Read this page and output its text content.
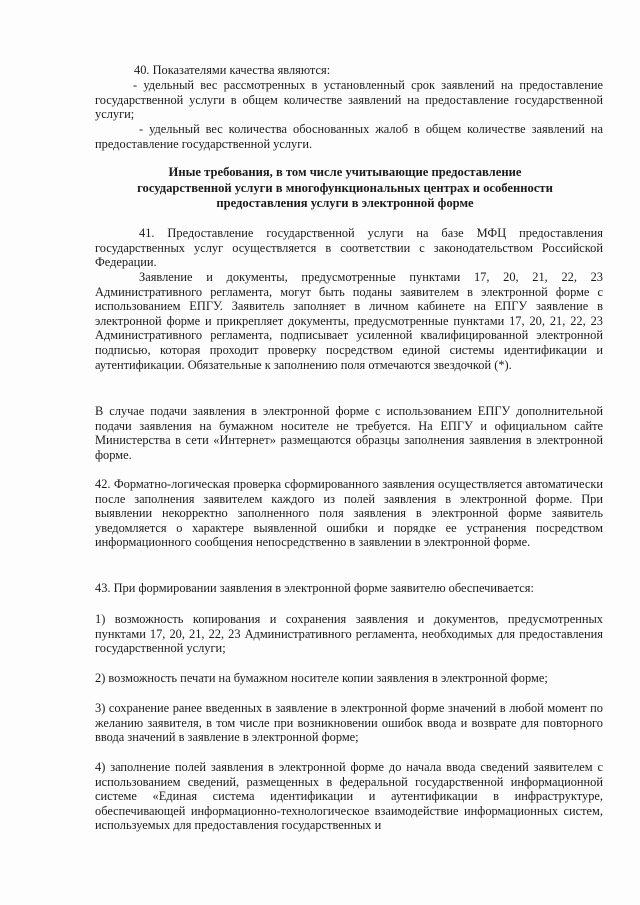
40. Показателями качества являются:

- удельный вес рассмотренных в установленный срок заявлений на предоставление государственной услуги в общем количестве заявлений на предоставление государственной услуги;

- удельный вес количества обоснованных жалоб в общем количестве заявлений на предоставление государственной услуги.

Иные требования, в том числе учитывающие предоставление государственной услуги в многофункциональных центрах и особенности предоставления услуги в электронной форме

41. Предоставление государственной услуги на базе МФЦ предоставления государственных услуг осуществляется в соответствии с законодательством Российской Федерации.

Заявление и документы, предусмотренные пунктами 17, 20, 21, 22, 23 Административного регламента, могут быть поданы заявителем в электронной форме с использованием ЕПГУ. Заявитель заполняет в личном кабинете на ЕПГУ заявление в электронной форме и прикрепляет документы, предусмотренные пунктами 17, 20, 21, 22, 23 Административного регламента, подписывает усиленной квалифицированной электронной подписью, которая проходит проверку посредством единой системы идентификации и аутентификации. Обязательные к заполнению поля отмечаются звездочкой (*).

В случае подачи заявления в электронной форме с использованием ЕПГУ дополнительной подачи заявления на бумажном носителе не требуется. На ЕПГУ и официальном сайте Министерства в сети «Интернет» размещаются образцы заполнения заявления в электронной форме.

42. Форматно-логическая проверка сформированного заявления осуществляется автоматически после заполнения заявителем каждого из полей заявления в электронной форме. При выявлении некорректно заполненного поля заявления в электронной форме заявитель уведомляется о характере выявленной ошибки и порядке ее устранения посредством информационного сообщения непосредственно в заявлении в электронной форме.

43. При формировании заявления в электронной форме заявителю обеспечивается:

1) возможность копирования и сохранения заявления и документов, предусмотренных пунктами 17, 20, 21, 22, 23 Административного регламента, необходимых для предоставления государственной услуги;

2) возможность печати на бумажном носителе копии заявления в электронной форме;

3) сохранение ранее введенных в заявление в электронной форме значений в любой момент по желанию заявителя, в том числе при возникновении ошибок ввода и возврате для повторного ввода значений в заявление в электронной форме;

4) заполнение полей заявления в электронной форме до начала ввода сведений заявителем с использованием сведений, размещенных в федеральной государственной информационной системе «Единая система идентификации и аутентификации в инфраструктуре, обеспечивающей информационно-технологическое взаимодействие информационных систем, используемых для предоставления государственных и
